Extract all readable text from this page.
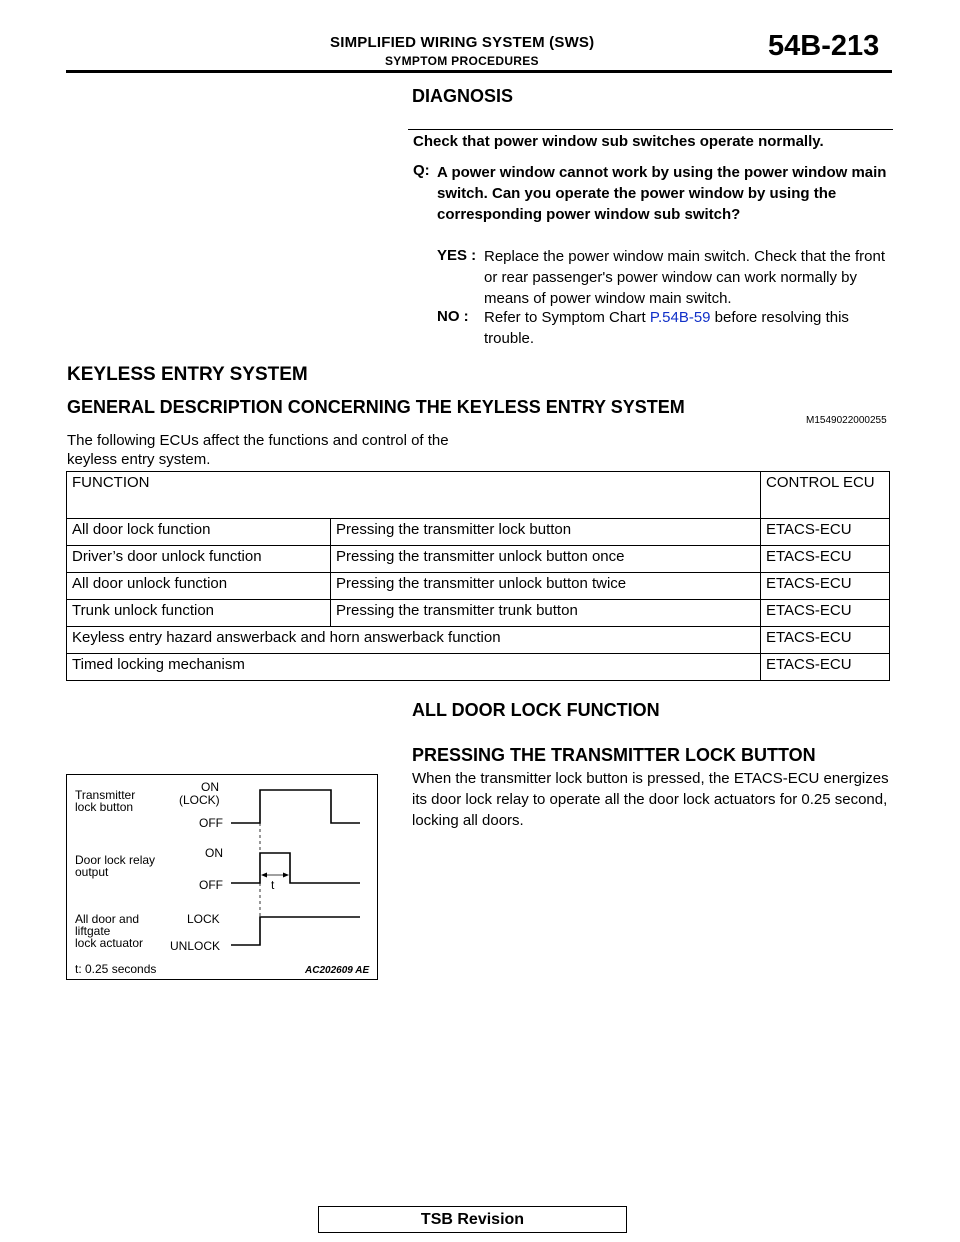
SIMPLIFIED WIRING SYSTEM (SWS)
SYMPTOM PROCEDURES	54B-213
DIAGNOSIS
Check that power window sub switches operate normally.
Q: A power window cannot work by using the power window main switch. Can you operate the power window by using the corresponding power window sub switch?
YES : Replace the power window main switch. Check that the front or rear passenger's power window can work normally by means of power window main switch.
NO : Refer to Symptom Chart P.54B-59 before resolving this trouble.
KEYLESS ENTRY SYSTEM
GENERAL DESCRIPTION CONCERNING THE KEYLESS ENTRY SYSTEM
M1549022000255
The following ECUs affect the functions and control of the keyless entry system.
FUNCTION		CONTROL ECU
All door lock function	Pressing the transmitter lock button	ETACS-ECU
Driver’s door unlock function	Pressing the transmitter unlock button once	ETACS-ECU
All door unlock function	Pressing the transmitter unlock button twice	ETACS-ECU
Trunk unlock function	Pressing the transmitter trunk button	ETACS-ECU
Keyless entry hazard answerback and horn answerback function		ETACS-ECU
Timed locking mechanism		ETACS-ECU
ALL DOOR LOCK FUNCTION
PRESSING THE TRANSMITTER LOCK BUTTON
When the transmitter lock button is pressed, the ETACS-ECU energizes its door lock relay to operate all the door lock actuators for 0.25 second, locking all doors.
Transmitter
lock button
ON
(LOCK)
OFF
Door lock relay
output
ON
OFF	t
All door and
liftgate
lock actuator
LOCK
UNLOCK
t: 0.25 seconds	AC202609 AE
TSB Revision
